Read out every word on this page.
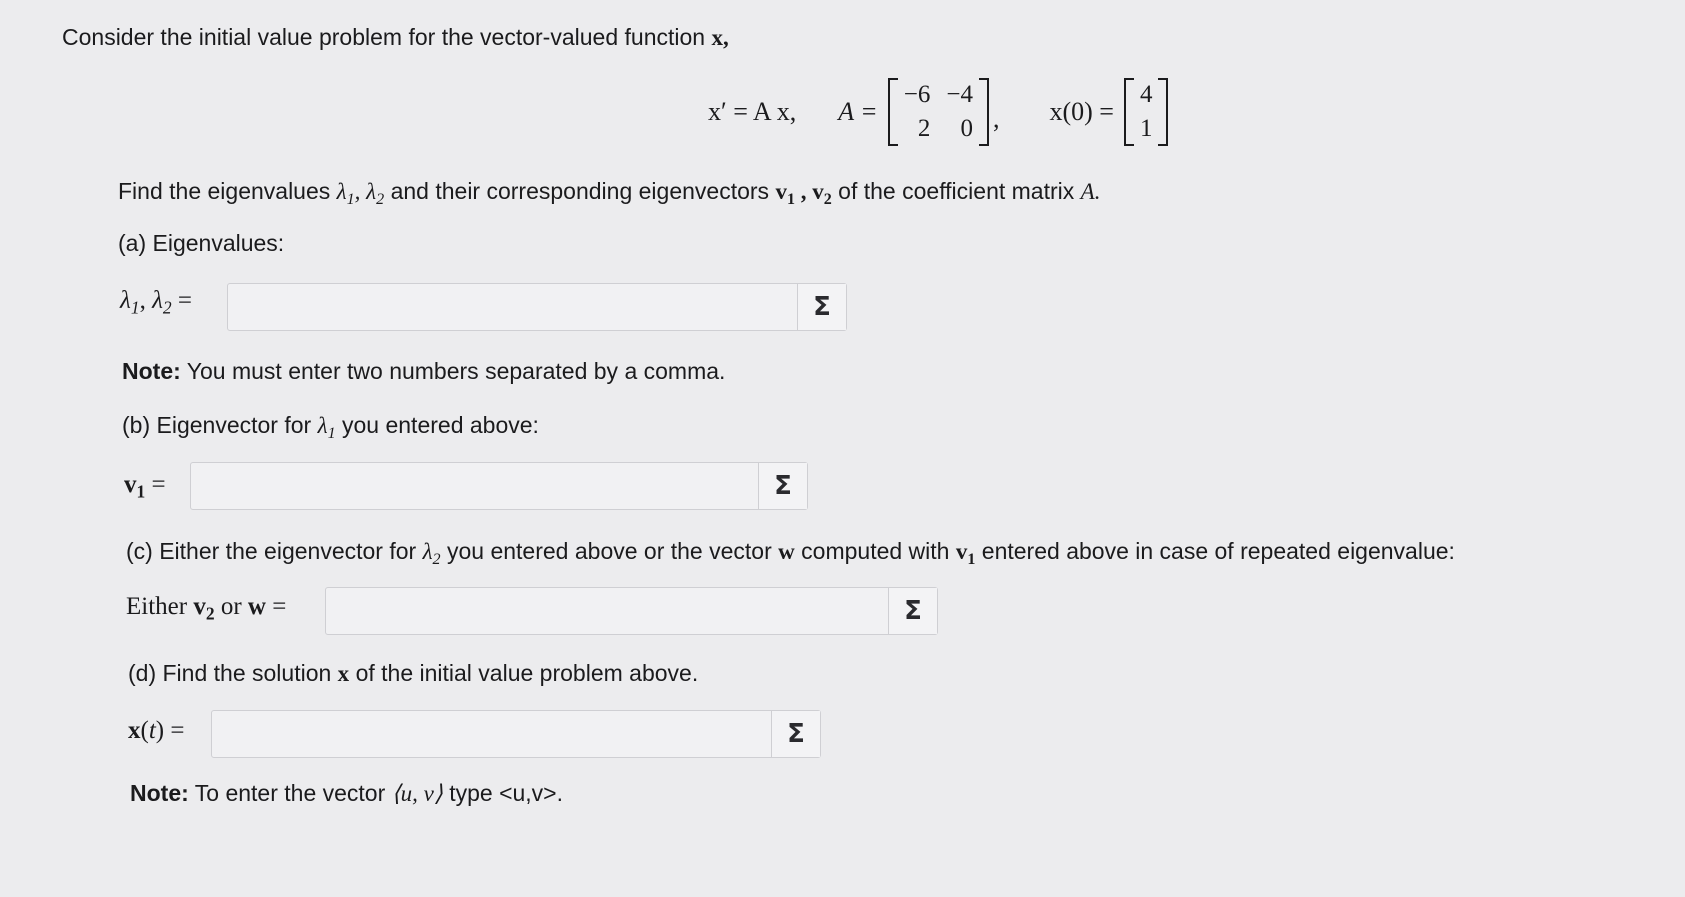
Consider the initial value problem for the vector-valued function x,
x′ = A x, A =
−6	−4
2	0 , x(0) =
4
1
Find the eigenvalues $\lambda_1$, $\lambda_2$ and their corresponding eigenvectors $v_1$ , $v_2$ of the coefficient matrix A.
(a) Eigenvalues:
$\lambda_1$, $\lambda_2$ =	Σ
Note: You must enter two numbers separated by a comma.
(b) Eigenvector for $\lambda_1$ you entered above:
$v_1$ =	Σ
(c) Either the eigenvector for $\lambda_2$ you entered above or the vector w computed with $v_1$ entered above in case of repeated eigenvalue:
Either $v_2$ or w =	Σ
(d) Find the solution x of the initial value problem above.
x(t) =	Σ
Note: To enter the vector ⟨u, v⟩ type <u,v>.
